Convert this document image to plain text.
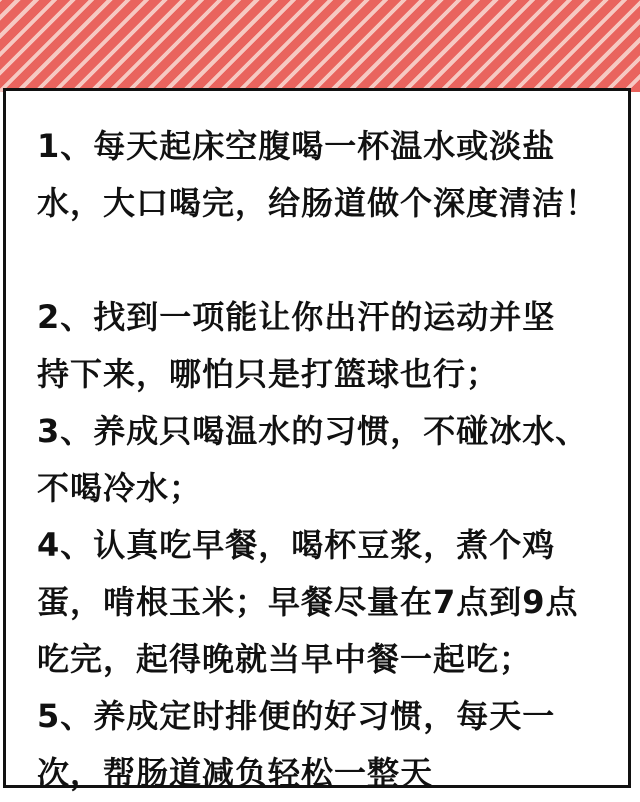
1、每天起床空腹喝一杯温水或淡盐
水，大口喝完，给肠道做个深度清洁！
2、找到一项能让你出汗的运动并坚
持下来，哪怕只是打篮球也行；
3、养成只喝温水的习惯，不碰冰水、
不喝冷水；
4、认真吃早餐，喝杯豆浆，煮个鸡
蛋，啃根玉米；早餐尽量在7点到9点
吃完，起得晚就当早中餐一起吃；
5、养成定时排便的好习惯，每天一
次，帮肠道减负轻松一整天
